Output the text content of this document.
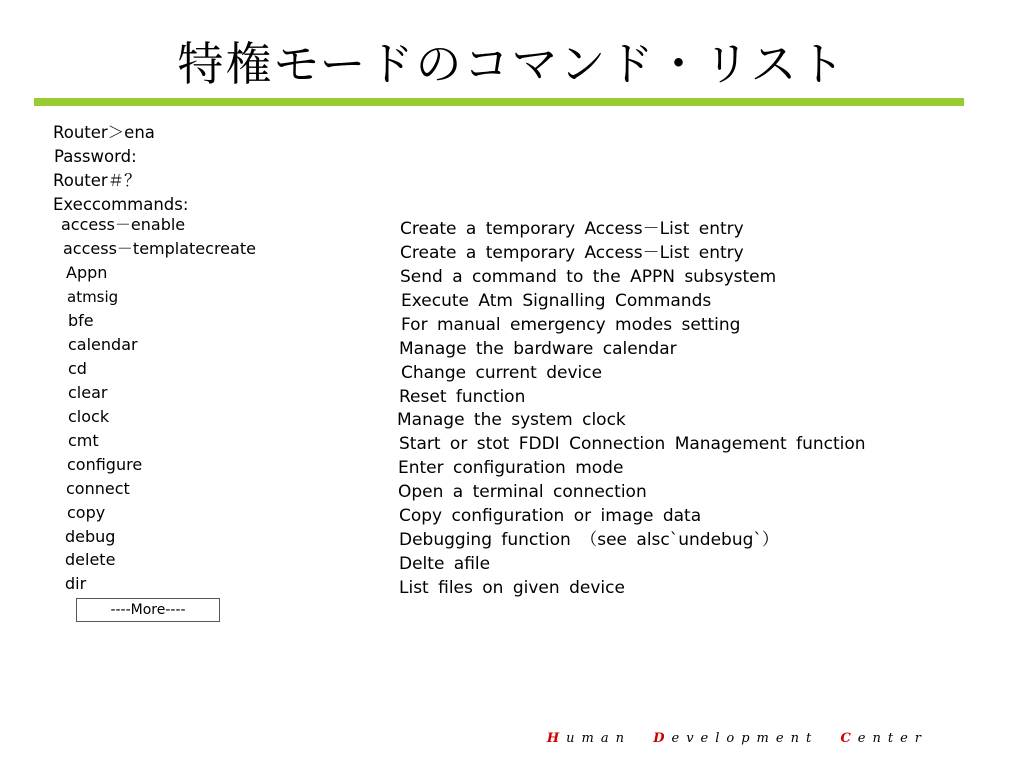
特権モードのコマンド・リスト
Router＞ena
Password:
Router＃？
Execcommands:
access－enable
access－templatecreate
Appn
atmsig
bfe
calendar
cd
clear
clock
cmt
configure
connect
copy
debug
delete
dir
Create a temporary Access－List entry
Create a temporary Access－List entry
Send a command to the APPN subsystem
Execute Atm Signalling Commands
For manual emergency modes setting
Manage the bardware calendar
Change current device
Reset function
Manage the system clock
Start or stot FDDI Connection Management function
Enter configuration mode
Open a terminal connection
Copy configuration or image data
Debugging function （see alsc`undebug`）
Delte afile
List files on given device
----More----
Human Development Center
